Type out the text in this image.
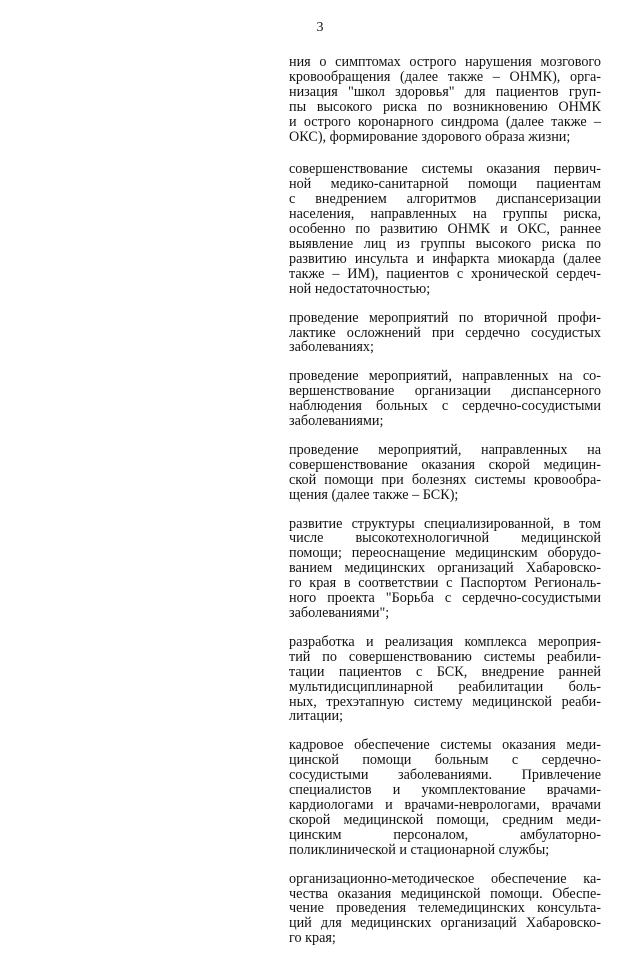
3
ния о симптомах острого нарушения мозгового
кровообращения (далее также – ОНМК), орга-
низация "школ здоровья" для пациентов груп-
пы высокого риска по возникновению ОНМК
и острого коронарного синдрома (далее также –
ОКС), формирование здорового образа жизни;
совершенствование системы оказания первич-
ной медико-санитарной помощи пациентам
с внедрением алгоритмов диспансеризации
населения, направленных на группы риска,
особенно по развитию ОНМК и ОКС, раннее
выявление лиц из группы высокого риска по
развитию инсульта и инфаркта миокарда (далее
также – ИМ), пациентов с хронической сердеч-
ной недостаточностью;
проведение мероприятий по вторичной профи-
лактике осложнений при сердечно сосудистых
заболеваниях;
проведение мероприятий, направленных на со-
вершенствование организации диспансерного
наблюдения больных с сердечно-сосудистыми
заболеваниями;
проведение мероприятий, направленных на
совершенствование оказания скорой медицин-
ской помощи при болезнях системы кровообра-
щения (далее также – БСК);
развитие структуры специализированной, в том
числе высокотехнологичной медицинской
помощи; переоснащение медицинским оборудо-
ванием медицинских организаций Хабаровско-
го края в соответствии с Паспортом Региональ-
ного проекта "Борьба с сердечно-сосудистыми
заболеваниями";
разработка и реализация комплекса мероприя-
тий по совершенствованию системы реабили-
тации пациентов с БСК, внедрение ранней
мультидисциплинарной реабилитации боль-
ных, трехэтапную систему медицинской реаби-
литации;
кадровое обеспечение системы оказания меди-
цинской помощи больным с сердечно-
сосудистыми заболеваниями. Привлечение
специалистов и укомплектование врачами-
кардиологами и врачами-неврологами, врачами
скорой медицинской помощи, средним меди-
цинским персоналом, амбулаторно-
поликлинической и стационарной службы;
организационно-методическое обеспечение ка-
чества оказания медицинской помощи. Обеспе-
чение проведения телемедицинских консульта-
ций для медицинских организаций Хабаровско-
го края;
